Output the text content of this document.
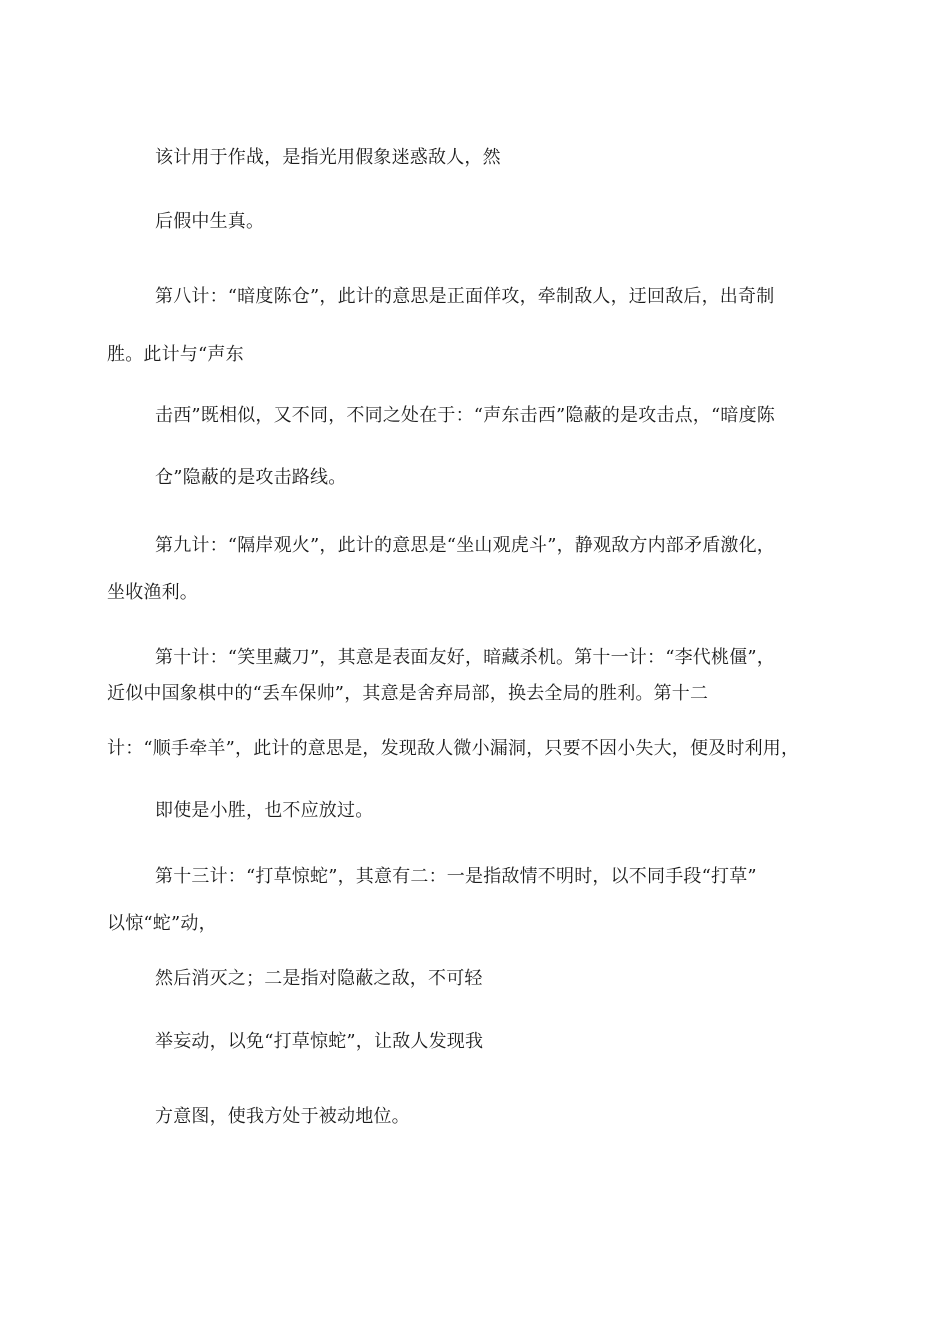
该计用于作战，是指光用假象迷惑敌人，然
后假中生真。
第八计：“暗度陈仓”，此计的意思是正面佯攻，牵制敌人，迂回敌后，出奇制
胜。此计与“声东
击西”既相似，又不同，不同之处在于：“声东击西”隐蔽的是攻击点，“暗度陈
仓”隐蔽的是攻击路线。
第九计：“隔岸观火”，此计的意思是“坐山观虎斗”，静观敌方内部矛盾激化，
坐收渔利。
第十计：“笑里藏刀”，其意是表面友好，暗藏杀机。第十一计：“李代桃僵”，
近似中国象棋中的“丢车保帅”，其意是舍弃局部，换去全局的胜利。第十二
计：“顺手牵羊”，此计的意思是，发现敌人微小漏洞，只要不因小失大，便及时利用，
即使是小胜，也不应放过。
第十三计：“打草惊蛇”，其意有二：一是指敌情不明时，以不同手段“打草”
以惊“蛇”动，
然后消灭之；二是指对隐蔽之敌，不可轻
举妄动，以免“打草惊蛇”，让敌人发现我
方意图，使我方处于被动地位。
